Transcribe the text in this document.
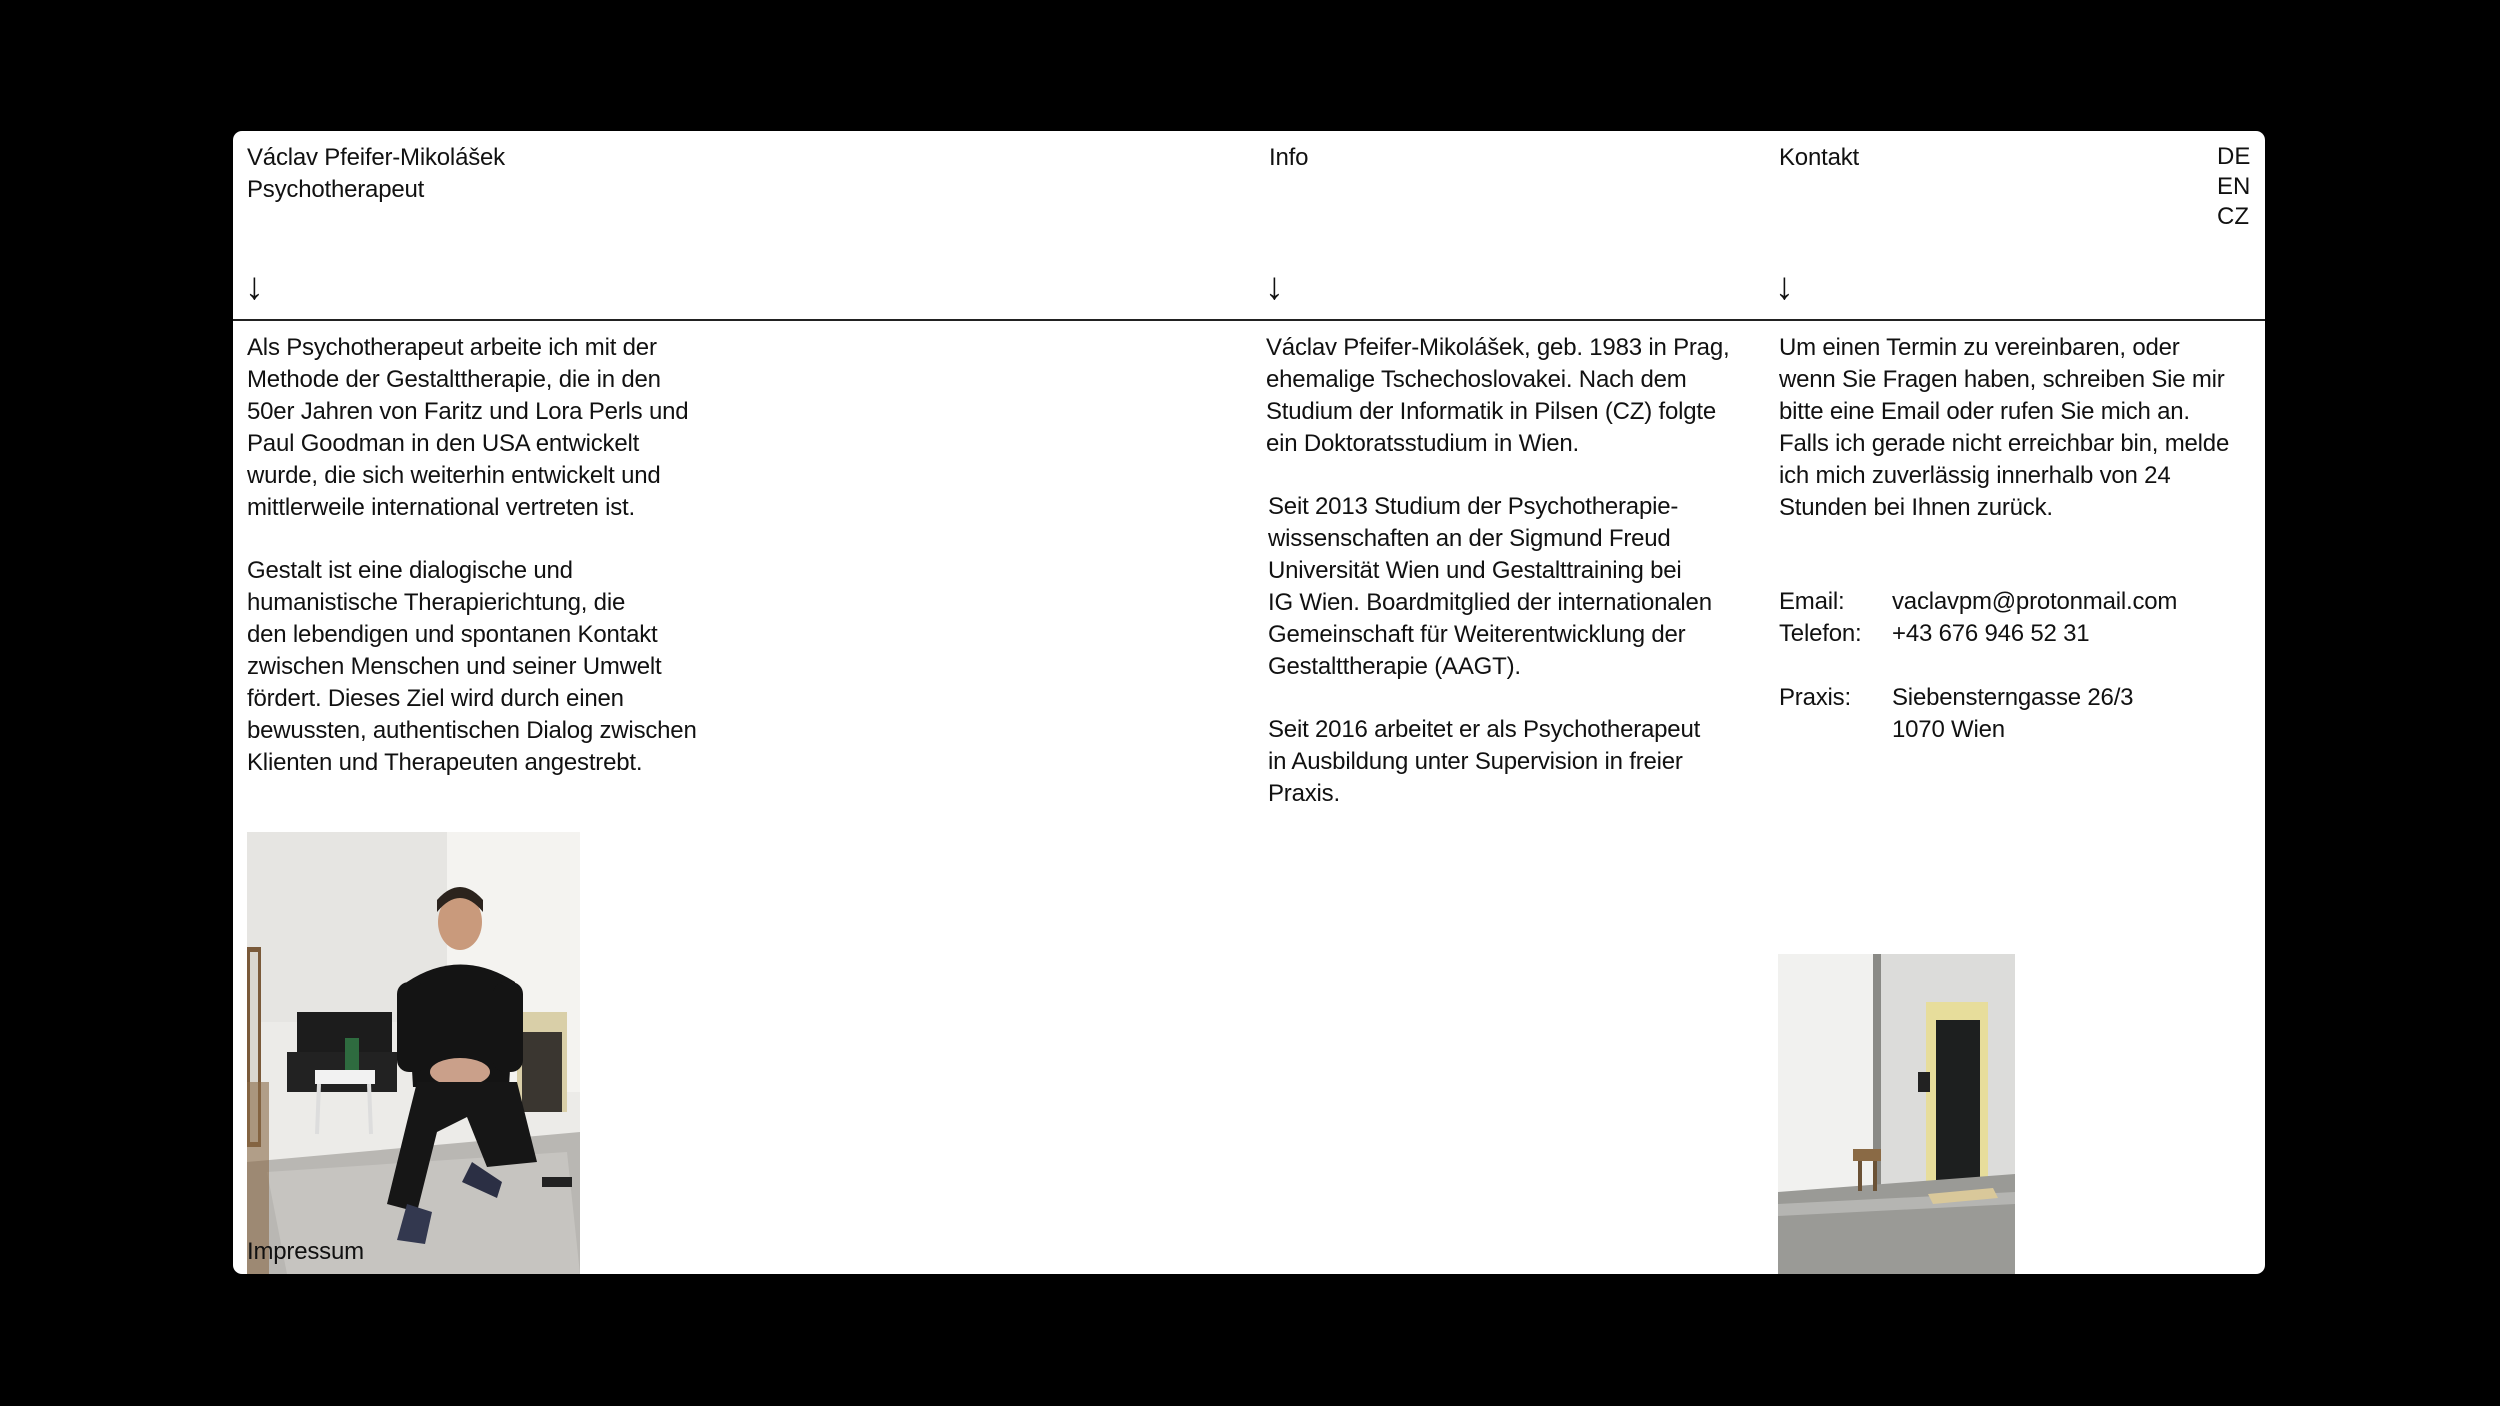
Václav Pfeifer-Mikolášek
Psychotherapeut
Info	Kontakt	DE
EN
CZ
↓	↓	↓
Als Psychotherapeut arbeite ich mit der
Methode der Gestalttherapie, die in den
50er Jahren von Faritz und Lora Perls und
Paul Goodman in den USA entwickelt
wurde, die sich weiterhin entwickelt und
mittlerweile international vertreten ist.
Gestalt ist eine dialogische und
humanistische Therapierichtung, die
den lebendigen und spontanen Kontakt
zwischen Menschen und seiner Umwelt
fördert. Dieses Ziel wird durch einen
bewussten, authentischen Dialog zwischen
Klienten und Therapeuten angestrebt.
Impressum
Václav Pfeifer-Mikolášek, geb. 1983 in Prag,
ehemalige Tschechoslovakei. Nach dem
Studium der Informatik in Pilsen (CZ) folgte
ein Doktoratsstudium in Wien.
Seit 2013 Studium der Psychotherapie-
wissenschaften an der Sigmund Freud
Universität Wien und Gestalttraining bei
IG Wien. Boardmitglied der internationalen
Gemeinschaft für Weiterentwicklung der
Gestalttherapie (AAGT).
Seit 2016 arbeitet er als Psychotherapeut
in Ausbildung unter Supervision in freier
Praxis.
Um einen Termin zu vereinbaren, oder
wenn Sie Fragen haben, schreiben Sie mir
bitte eine Email oder rufen Sie mich an.
Falls ich gerade nicht erreichbar bin, melde
ich mich zuverlässig innerhalb von 24
Stunden bei Ihnen zurück.
Email:	vaclavpm@protonmail.com
Telefon:	+43 676 946 52 31
Praxis:	Siebensterngasse 26/3
1070 Wien
